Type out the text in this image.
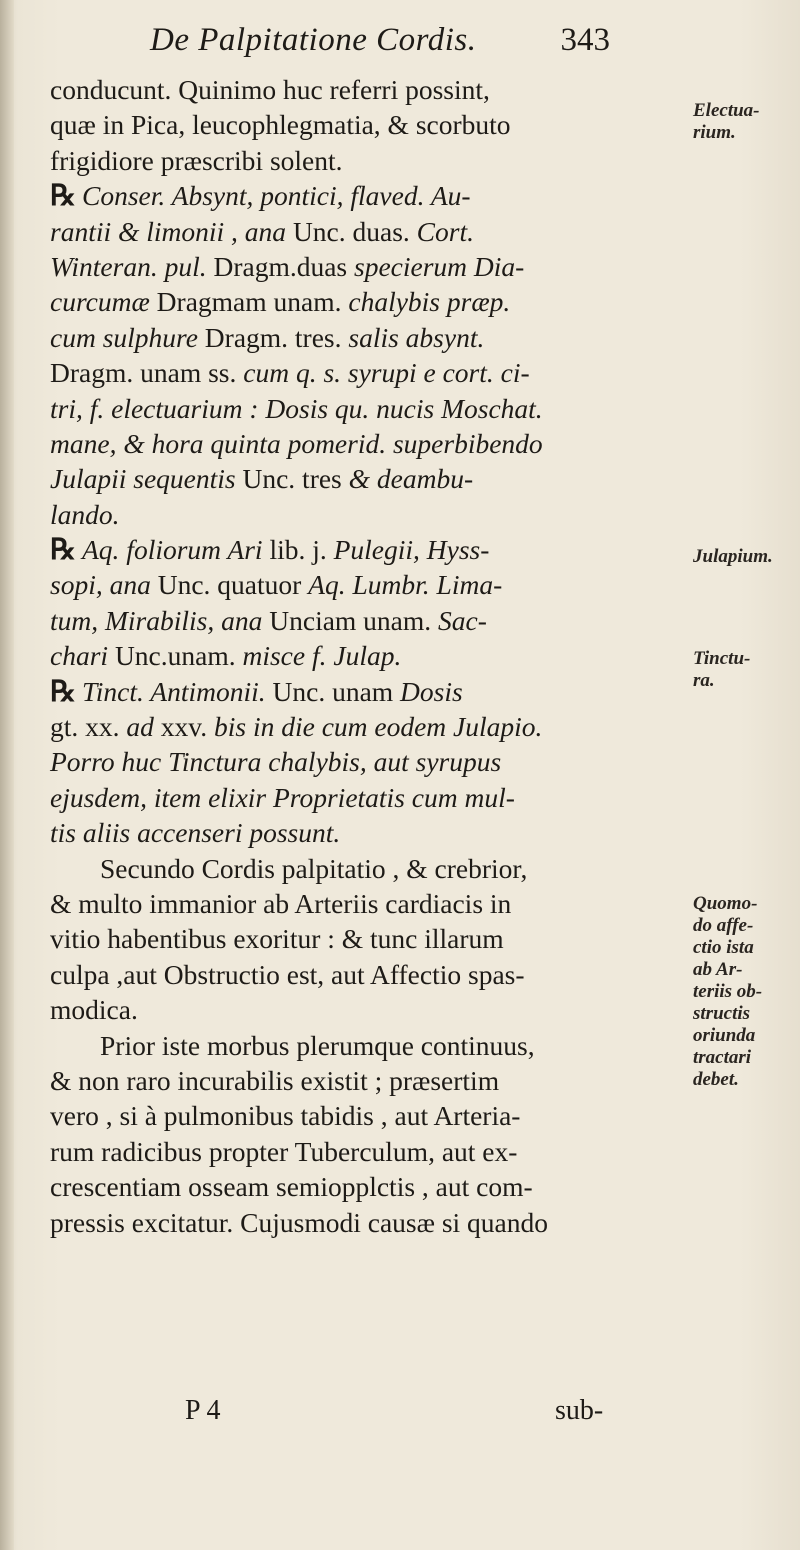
De Palpitatione Cordis.	343
conducunt. Quinimo huc referri possint,
quæ in Pica, leucophlegmatia, & scorbuto
frigidiore præscribi solent.
℞ Conser. Absynt, pontici, flaved. Au-
rantii & limonii , ana Unc. duas. Cort.
Winteran. pul. Dragm.duas specierum Dia-
curcumæ Dragmam unam. chalybis præp.
cum sulphure Dragm. tres. salis absynt.
Dragm. unam ss. cum q. s. syrupi e cort. ci-
tri, f. electuarium : Dosis qu. nucis Moschat.
mane, & hora quinta pomerid. superbibendo
Julapii sequentis Unc. tres & deambu-
lando.
℞ Aq. foliorum Ari lib. j. Pulegii, Hyss-
sopi, ana Unc. quatuor Aq. Lumbr. Lima-
tum, Mirabilis, ana Unciam unam. Sac-
chari Unc.unam. misce f. Julap.
℞ Tinct. Antimonii. Unc. unam Dosis
gt. xx. ad xxv. bis in die cum eodem Julapio.
Porro huc Tinctura chalybis, aut syrupus
ejusdem, item elixir Proprietatis cum mul-
tis aliis accenseri possunt.
Secundo Cordis palpitatio , & crebrior,
& multo immanior ab Arteriis cardiacis in
vitio habentibus exoritur : & tunc illarum
culpa ,aut Obstructio est, aut Affectio spas-
modica.
Prior iste morbus plerumque continuus,
& non raro incurabilis existit ; præsertim
vero , si à pulmonibus tabidis , aut Arteria-
rum radicibus propter Tuberculum, aut ex-
crescentiam osseam semiopplctis , aut com-
pressis excitatur. Cujusmodi causæ si quando
Electua-
rium.
Julapium.
Tinctu-
ra.
Quomo-
do affe-
ctio ista
ab Ar-
teriis ob-
structis
oriunda
tractari
debet.
P 4	sub-
